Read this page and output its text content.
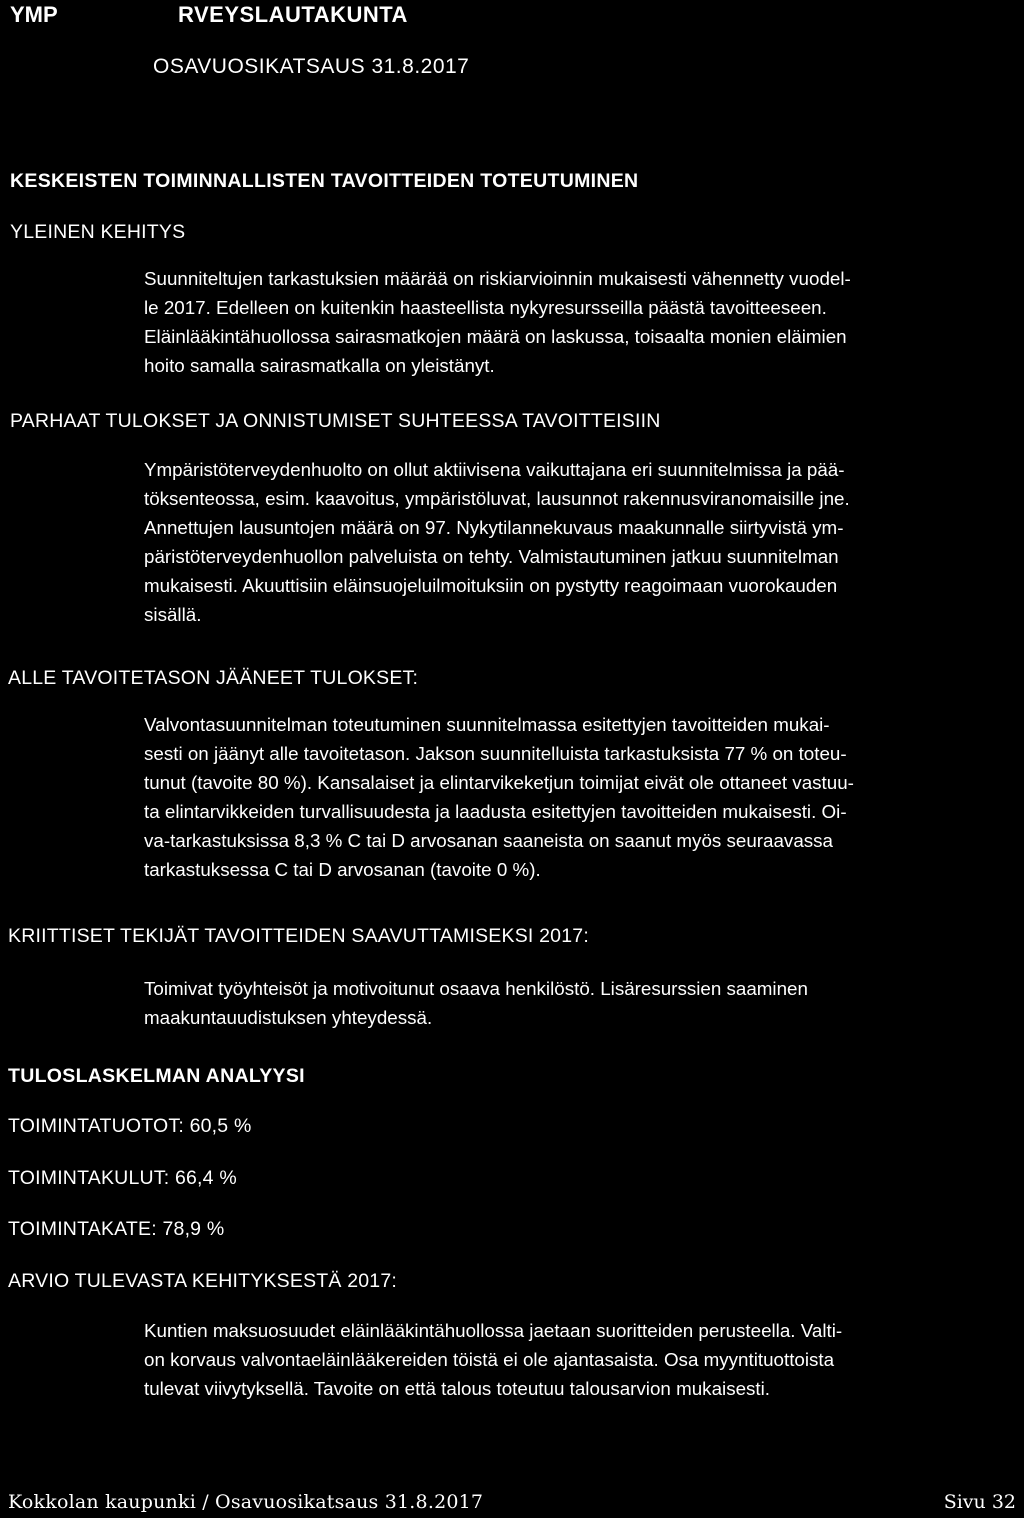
YMP	RVEYSLAUTAKUNTA
OSAVUOSIKATSAUS 31.8.2017
KESKEISTEN TOIMINNALLISTEN TAVOITTEIDEN TOTEUTUMINEN
YLEINEN KEHITYS
Suunniteltujen tarkastuksien määrää on riskiarvioinnin mukaisesti vähennetty vuodel-
le 2017. Edelleen on kuitenkin haasteellista nykyresursseilla päästä tavoitteeseen.
Eläinlääkintähuollossa sairasmatkojen määrä on laskussa, toisaalta monien eläimien
hoito samalla sairasmatkalla on yleistänyt.
PARHAAT TULOKSET JA ONNISTUMISET SUHTEESSA TAVOITTEISIIN
Ympäristöterveydenhuolto on ollut aktiivisena vaikuttajana eri suunnitelmissa ja pää-
töksenteossa, esim. kaavoitus, ympäristöluvat, lausunnot rakennusviranomaisille jne.
Annettujen lausuntojen määrä on 97. Nykytilannekuvaus maakunnalle siirtyvistä ym-
päristöterveydenhuollon palveluista on tehty. Valmistautuminen jatkuu suunnitelman
mukaisesti. Akuuttisiin eläinsuojeluilmoituksiin on pystytty reagoimaan vuorokauden
sisällä.
ALLE TAVOITETASON JÄÄNEET TULOKSET:
Valvontasuunnitelman toteutuminen suunnitelmassa esitettyjen tavoitteiden mukai-
sesti on jäänyt alle tavoitetason. Jakson suunnitelluista tarkastuksista 77 % on toteu-
tunut (tavoite 80 %). Kansalaiset ja elintarvikeketjun toimijat eivät ole ottaneet vastuu-
ta elintarvikkeiden turvallisuudesta ja laadusta esitettyjen tavoitteiden mukaisesti. Oi-
va-tarkastuksissa 8,3 % C tai D arvosanan saaneista on saanut myös seuraavassa
tarkastuksessa C tai D arvosanan (tavoite 0 %).
KRIITTISET TEKIJÄT TAVOITTEIDEN SAAVUTTAMISEKSI 2017:
Toimivat työyhteisöt ja motivoitunut osaava henkilöstö. Lisäresurssien saaminen
maakuntauudistuksen yhteydessä.
TULOSLASKELMAN ANALYYSI
TOIMINTATUOTOT: 60,5 %
TOIMINTAKULUT: 66,4 %
TOIMINTAKATE: 78,9 %
ARVIO TULEVASTA KEHITYKSESTÄ 2017:
Kuntien maksuosuudet eläinlääkintähuollossa jaetaan suoritteiden perusteella. Valti-
on korvaus valvontaeläinlääkereiden töistä ei ole ajantasaista. Osa myyntituottoista
tulevat viivytyksellä. Tavoite on että talous toteutuu talousarvion mukaisesti.
Kokkolan kaupunki / Osavuosikatsaus 31.8.2017	Sivu 32
